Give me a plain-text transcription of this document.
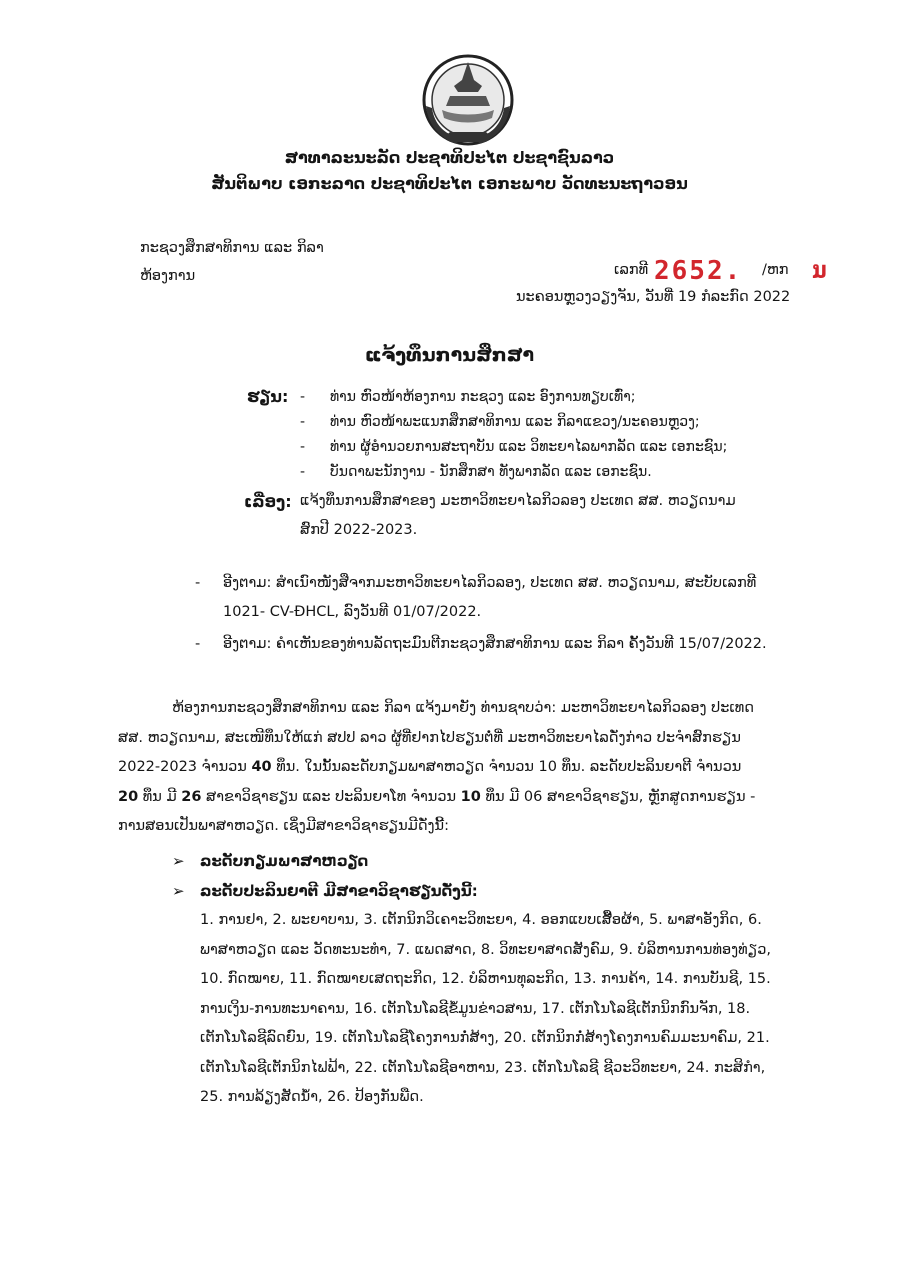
ສາທາລະນະລັດ ປະຊາທິປະໄຕ ປະຊາຊົນລາວ
ສັນຕິພາບ ເອກະລາດ ປະຊາທິປະໄຕ ເອກະພາບ ວັດທະນະຖາວອນ
ກະຊວງສຶກສາທິການ ແລະ ກິລາ
ຫ້ອງການ	ເລກທີ 2652. /ຫກ ນ
ນະຄອນຫຼວງວຽງຈັນ, ວັນທີ່ 19 ກໍລະກົດ 2022
ແຈ້ງທຶນການສຶກສາ
ຮຽນ: - ທ່ານ ຫົວໜ້າຫ້ອງການ ກະຊວງ ແລະ ອົງການທຽບເທົ່າ;
- ທ່ານ ຫົວໜ້າພະແນກສຶກສາທິການ ແລະ ກິລາແຂວງ/ນະຄອນຫຼວງ;
- ທ່ານ ຜູ້ອຳນວຍການສະຖາບັນ ແລະ ວິທະຍາໄລພາກລັດ ແລະ ເອກະຊົນ;
- ບັນດາພະນັກງານ - ນັກສຶກສາ ທັງພາກລັດ ແລະ ເອກະຊົນ.
ເລື່ອງ: ແຈ້ງທຶນການສຶກສາຂອງ ມະຫາວິທະຍາໄລກິວລອງ ປະເທດ ສສ. ຫວຽດນາມ
ສົກປີ 2022-2023.
- ອີງຕາມ: ສຳເນົາໜັງສືຈາກມະຫາວິທະຍາໄລກິວລອງ, ປະເທດ ສສ. ຫວຽດນາມ, ສະບັບເລກທີ
1021- CV-ĐHCL, ລົງວັນທີ 01/07/2022.
- ອີງຕາມ: ຄຳເຫັນຂອງທ່ານລັດຖະມົນຕີກະຊວງສຶກສາທິການ ແລະ ກິລາ ຄັ້ງວັນທີ 15/07/2022.
ຫ້ອງການກະຊວງສຶກສາທິການ ແລະ ກິລາ ແຈ້ງມາຍັງ ທ່ານຊາບວ່າ: ມະຫາວິທະຍາໄລກິວລອງ ປະເທດ
ສສ. ຫວຽດນາມ, ສະເໜີທຶນໃຫ້ແກ່ ສປປ ລາວ ຜູ້ທີ່ຢາກໄປຮຽນຕໍ່ທີ່ ມະຫາວິທະຍາໄລດັ່ງກ່າວ ປະຈຳສົກຮຽນ
2022-2023 ຈຳນວນ 40 ທຶນ. ໃນນັ້ນລະດັບກຽມພາສາຫວຽດ ຈຳນວນ 10 ທຶນ. ລະດັບປະລິນຍາຕີ ຈຳນວນ
20 ທຶນ ມີ 26 ສາຂາວິຊາຮຽນ ແລະ ປະລິນຍາໂທ ຈຳນວນ 10 ທຶນ ມີ 06 ສາຂາວິຊາຮຽນ, ຫຼັກສູດການຮຽນ -
ການສອນເປັນພາສາຫວຽດ. ເຊິ່ງມີສາຂາວິຊາຮຽນມີດັ່ງນີ້:
➢ ລະດັບກຽມພາສາຫວຽດ
➢ ລະດັບປະລິນຍາຕີ ມີສາຂາວິຊາຮຽນດັ່ງນີ້:
1. ການຢາ, 2. ພະຍາບານ, 3. ເຕັກນິກວິເຄາະວິທະຍາ, 4. ອອກແບບເສື້ອຜ້າ, 5. ພາສາອັງກິດ, 6.
ພາສາຫວຽດ ແລະ ວັດທະນະທຳ, 7. ແພດສາດ, 8. ວິທະຍາສາດສັງຄົມ, 9. ບໍລິຫານການທ່ອງທ່ຽວ,
10. ກົດໝາຍ, 11. ກົດໝາຍເສດຖະກິດ, 12. ບໍລິຫານທຸລະກິດ, 13. ການຄ້າ, 14. ການບັນຊີ, 15.
ການເງິນ-ການທະນາຄານ, 16. ເຕັກໂນໂລຊີຂໍ້ມູນຂ່າວສານ, 17. ເຕັກໂນໂລຊີເຕັກນິກກົນຈັກ, 18.
ເຕັກໂນໂລຊີລົດຍົນ, 19. ເຕັກໂນໂລຊີໂຄງການກໍ່ສ້າງ, 20. ເຕັກນິກກໍ່ສ້າງໂຄງການຄົມມະນາຄົມ, 21.
ເຕັກໂນໂລຊີເຕັກນິກໄຟຟ້າ, 22. ເຕັກໂນໂລຊີອາຫານ, 23. ເຕັກໂນໂລຊີ ຊີວະວິທະຍາ, 24. ກະສິກຳ,
25. ການລ້ຽງສັດນ້ຳ, 26. ປ້ອງກັນພືດ.
